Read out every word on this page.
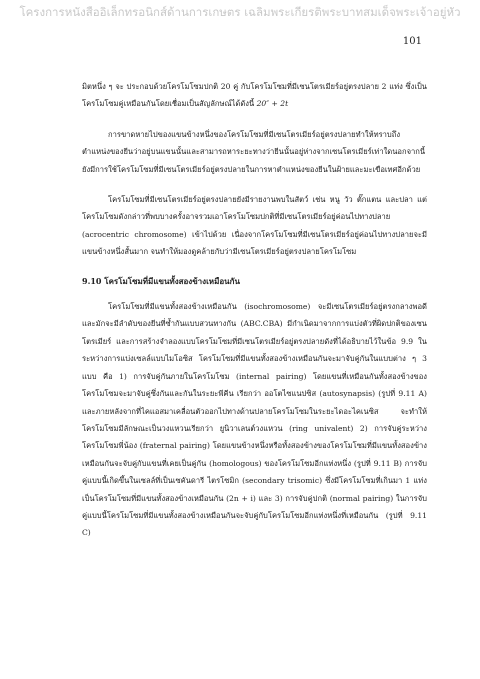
โครงการหนังสืออิเล็กทรอนิกส์ด้านการเกษตร เฉลิมพระเกียรติพระบาทสมเด็จพระเจ้าอยู่หัว
101

มิตหนึ่ง ๆ จะ ประกอบด้วยโครโมโซมปกติ 20 คู่ กับโครโมโซมที่มีเซนโตรเมียร์อยู่ตรงปลาย 2 แท่ง ซึ่งเป็นโครโมโซมคู่เหมือนกันโดยเชื่อมเป็นสัญลักษณ์ได้ดังนี้ 20″ + 2t

การขาดหายไปของแขนข้างหนึ่งของโครโมโซมที่มีเซนโตรเมียร์อยู่ตรงปลายทำให้ทราบถึงตำแหน่งของยีนว่าอยู่บนแขนนั้นและสามารถหาระยะทางว่ายีนนั้นอยู่ห่างจากเซนโตรเมียร์เท่าใดนอกจากนี้ยังมีการใช้โครโมโซมที่มีเซนโตรเมียร์อยู่ตรงปลายในการหาตำแหน่งของยีนในฝ้ายและมะเขือเทศอีกด้วย

โครโมโซมที่มีเซนโตรเมียร์อยู่ตรงปลายยังมีรายงานพบในสัตว์ เช่น หนู วัว ตั๊กแตน และปลา แต่โครโมโซมดังกล่าวที่พบบางครั้งอาจรวมเอาโครโมโซมปกติที่มีเซนโตรเมียร์อยู่ค่อนไปทางปลาย (acrocentric chromosome) เข้าไปด้วย เนื่องจากโครโมโซมที่มีเซนโตรเมียร์อยู่ค่อนไปทางปลายจะมีแขนข้างหนึ่งสั้นมาก จนทำให้มองดูคล้ายกับว่ามีเซนโตรเมียร์อยู่ตรงปลายโครโมโซม

9.10 โครโมโซมที่มีแขนทั้งสองข้างเหมือนกัน

โครโมโซมที่มีแขนทั้งสองข้างเหมือนกัน (isochromosome) จะมีเซนโตรเมียร์อยู่ตรงกลางพอดี และมักจะมีลำดับของยีนที่ซ้ำกันแบบสวนทางกัน (ABC.CBA) มีกำเนิดมาจากการแบ่งตัวที่ผิดปกติของเซนโตรเมียร์ และการสร้างจำลองแบบโครโมโซมที่มีเซนโตรเมียร์อยู่ตรงปลายดังที่ได้อธิบายไว้ในข้อ 9.9 ในระหว่างการแบ่งเซลล์แบบไมโอซิส โครโมโซมที่มีแขนทั้งสองข้างเหมือนกันจะมาจับคู่กันในแบบต่าง ๆ 3 แบบ คือ 1) การจับคู่กันภายในโครโมโซม (internal pairing) โดยแขนที่เหมือนกันทั้งสองข้างของโครโมโซมจะมาจับคู่ซึ่งกันและกันในระยะพีคีน เรียกว่า ออโตไซแนปซิส (autosynapsis) (รูปที่ 9.11 A) และภายหลังจากที่ไคแอสมาเคลื่อนตัวออกไปทางด้านปลายโครโมโซมในระยะไดอะไคเนซิส จะทำให้โครโมโซมมีลักษณะเป็นวงแหวนเรียกว่า ยูนิวาเลนต์วงแหวน (ring univalent) 2) การจับคู่ระหว่างโครโมโซมพี่น้อง (fraternal pairing) โดยแขนข้างหนึ่งหรือทั้งสองข้างของโครโมโซมที่มีแขนทั้งสองข้างเหมือนกันจะจับคู่กับแขนที่เคยเป็นคู่กัน (homologous) ของโครโมโซมอีกแท่งหนึ่ง (รูปที่ 9.11 B) การจับคู่แบบนี้เกิดขึ้นในเซลล์ที่เป็นเซคันดารี ไตรโซมิก (secondary trisomic) ซึ่งมีโครโมโซมที่เกินมา 1 แท่งเป็นโครโมโซมที่มีแขนทั้งสองข้างเหมือนกัน (2n + i) และ 3) การจับคู่ปกติ (normal pairing) ในการจับคู่แบบนี้โครโมโซมที่มีแขนทั้งสองข้างเหมือนกันจะจับคู่กับโครโมโซมอีกแท่งหนึ่งที่เหมือนกัน (รูปที่ 9.11 C)
